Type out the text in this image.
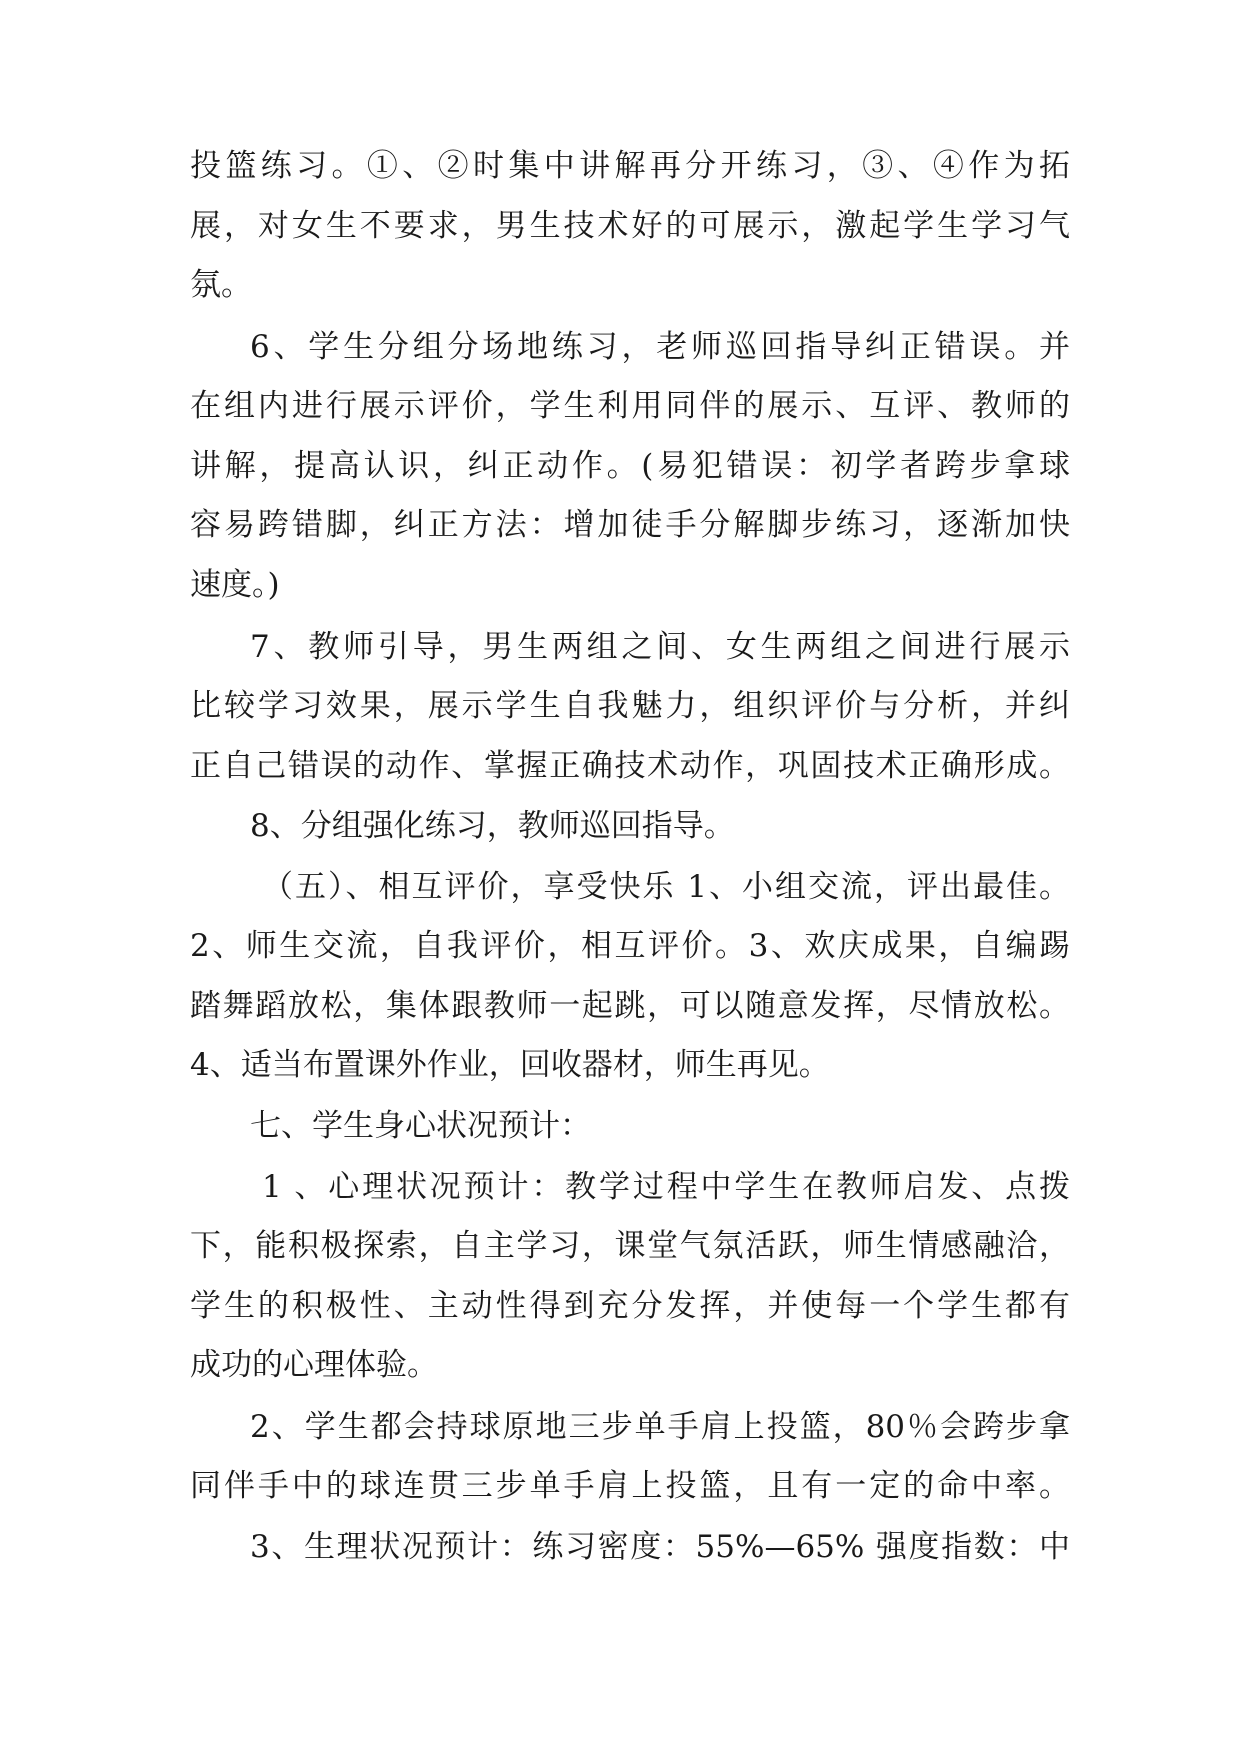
投篮练习。①、②时集中讲解再分开练习，③、④作为拓
展，对女生不要求，男生技术好的可展示，激起学生学习气
氛。
6、学生分组分场地练习，老师巡回指导纠正错误。并
在组内进行展示评价，学生利用同伴的展示、互评、教师的
讲解，提高认识，纠正动作。(易犯错误：初学者跨步拿球
容易跨错脚，纠正方法：增加徒手分解脚步练习，逐渐加快
速度。)
7、教师引导，男生两组之间、女生两组之间进行展示
比较学习效果，展示学生自我魅力，组织评价与分析，并纠
正自己错误的动作、掌握正确技术动作，巩固技术正确形成。
8、分组强化练习，教师巡回指导。
（五）、相互评价，享受快乐 1、小组交流，评出最佳。
2、师生交流，自我评价，相互评价。3、欢庆成果，自编踢
踏舞蹈放松，集体跟教师一起跳，可以随意发挥，尽情放松。
4、适当布置课外作业，回收器材，师生再见。
七、学生身心状况预计：
1 、心理状况预计：教学过程中学生在教师启发、点拨
下，能积极探索，自主学习，课堂气氛活跃，师生情感融洽，
学生的积极性、主动性得到充分发挥，并使每一个学生都有
成功的心理体验。
2、学生都会持球原地三步单手肩上投篮，80％会跨步拿
同伴手中的球连贯三步单手肩上投篮，且有一定的命中率。
3、生理状况预计：练习密度：55%—65% 强度指数：中
